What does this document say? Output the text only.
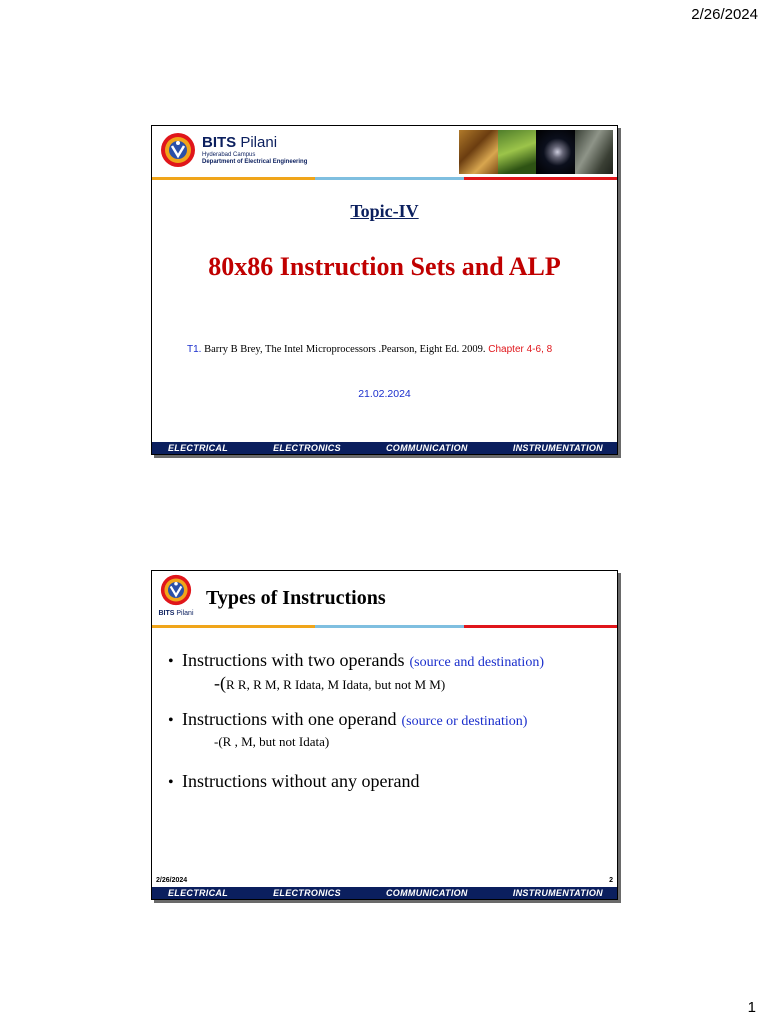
2/26/2024
BITS Pilani
Hyderabad Campus
Department of Electrical Engineering
Topic-IV
80x86 Instruction Sets and ALP
T1. Barry B Brey, The Intel Microprocessors .Pearson, Eight Ed. 2009. Chapter 4-6, 8
21.02.2024
ELECTRICAL	ELECTRONICS	COMMUNICATION	INSTRUMENTATION
BITS Pilani
Types of Instructions
• Instructions with two operands (source and destination)
-(R R, R M, R Idata, M Idata, but not M M)
• Instructions with one operand (source or destination)
-(R , M, but not Idata)
• Instructions without any operand
2/26/2024	2
ELECTRICAL	ELECTRONICS	COMMUNICATION	INSTRUMENTATION
1
